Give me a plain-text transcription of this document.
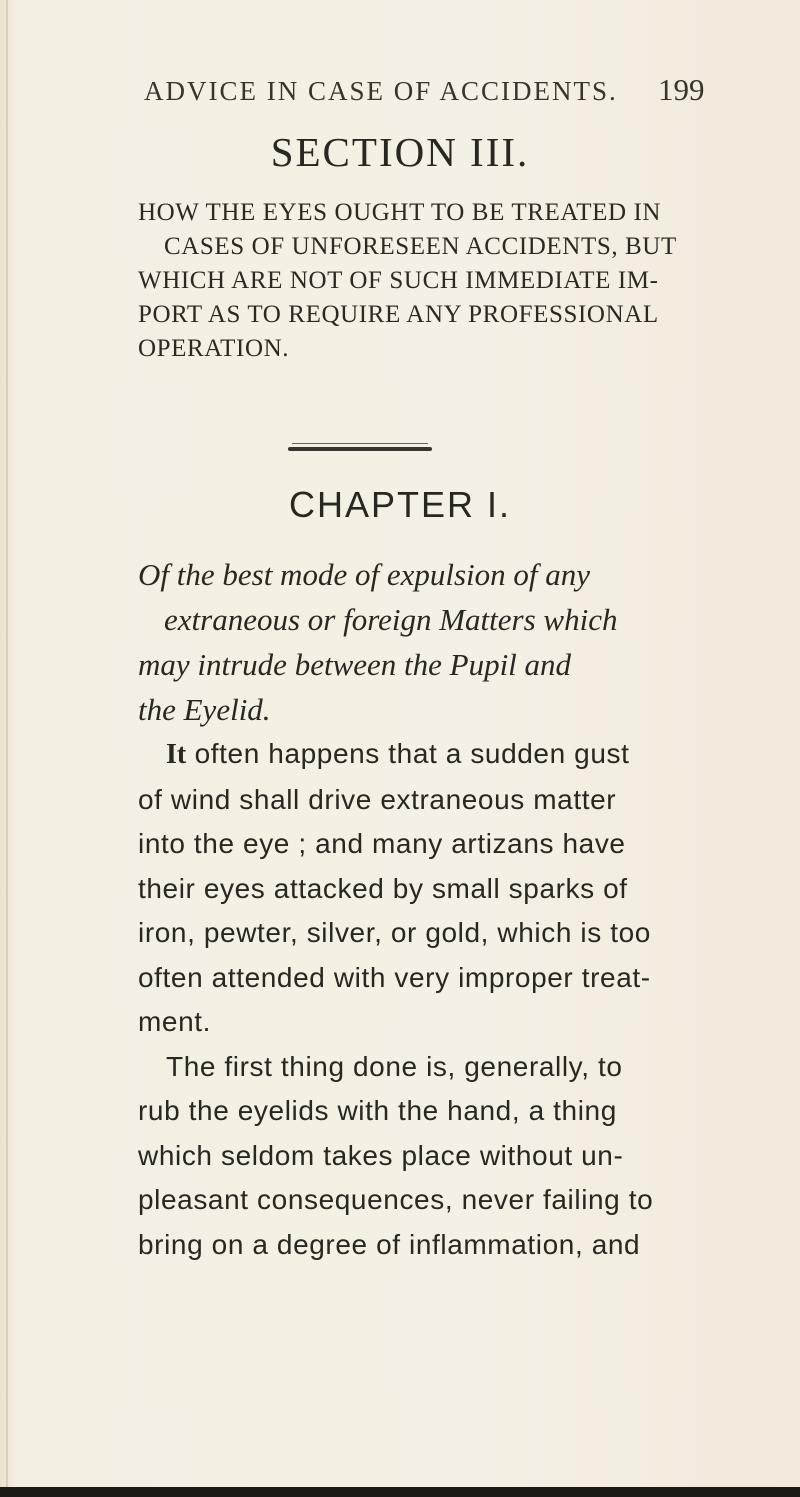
ADVICE IN CASE OF ACCIDENTS. 199
SECTION III.
HOW THE EYES OUGHT TO BE TREATED IN
CASES OF UNFORESEEN ACCIDENTS, BUT
WHICH ARE NOT OF SUCH IMMEDIATE IM-
PORT AS TO REQUIRE ANY PROFESSIONAL
OPERATION.
CHAPTER I.
Of the best mode of expulsion of any
extraneous or foreign Matters which
may intrude between the Pupil and
the Eyelid.
It often happens that a sudden gust
of wind shall drive extraneous matter
into the eye ; and many artizans have
their eyes attacked by small sparks of
iron, pewter, silver, or gold, which is too
often attended with very improper treat-
ment.
The first thing done is, generally, to
rub the eyelids with the hand, a thing
which seldom takes place without un-
pleasant consequences, never failing to
bring on a degree of inflammation, and
